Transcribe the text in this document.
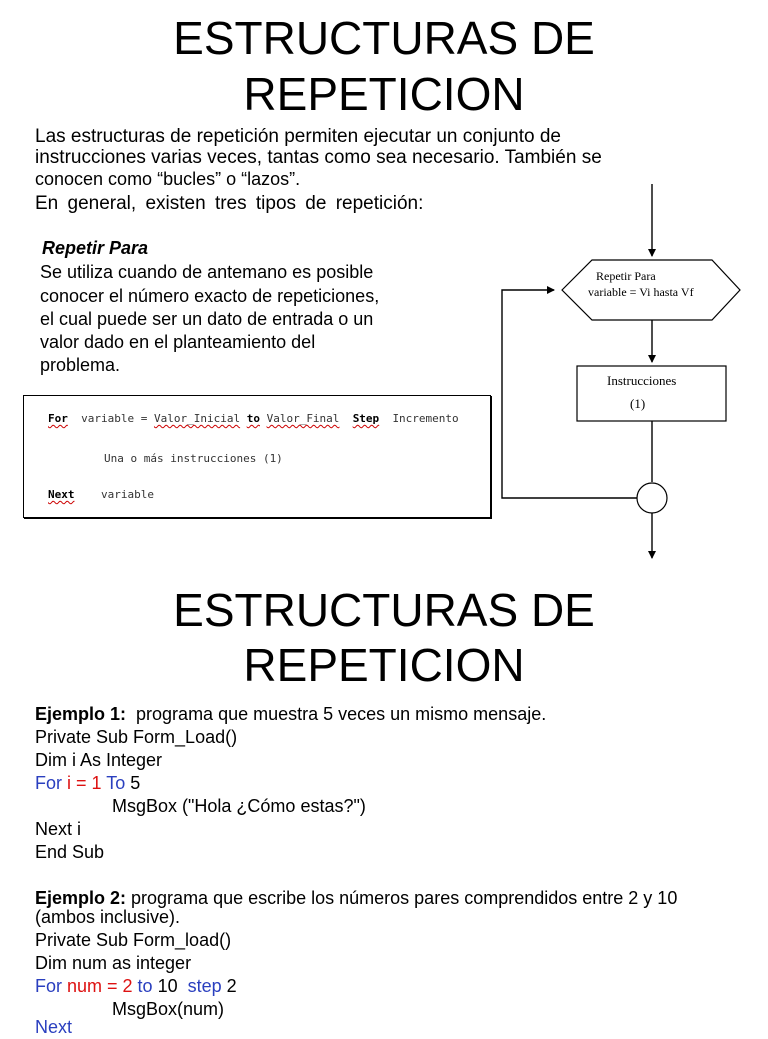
ESTRUCTURAS DE
REPETICION
Las estructuras de repetición permiten ejecutar un conjunto de
instrucciones varias veces, tantas como sea necesario. También se
conocen como “bucles” o “lazos”.
En general, existen tres tipos de repetición:
Repetir Para
Se utiliza cuando de antemano es posible
conocer el número exacto de repeticiones,
el cual puede ser un dato de entrada o un
valor dado en el planteamiento del
problema.
For variable = Valor_Inicial to Valor_Final Step Incremento
Una o más instrucciones (1)
Next variable
Repetir Para
variable = Vi hasta Vf
Instrucciones
(1)
ESTRUCTURAS DE
REPETICION
Ejemplo 1:  programa que muestra 5 veces un mismo mensaje.
Private Sub Form_Load()
Dim i As Integer
For i = 1 To 5
MsgBox ("Hola ¿Cómo estas?")
Next i
End Sub
Ejemplo 2: programa que escribe los números pares comprendidos entre 2 y 10
(ambos inclusive).
Private Sub Form_load()
Dim num as integer
For num = 2 to 10  step 2
MsgBox(num)
Next
